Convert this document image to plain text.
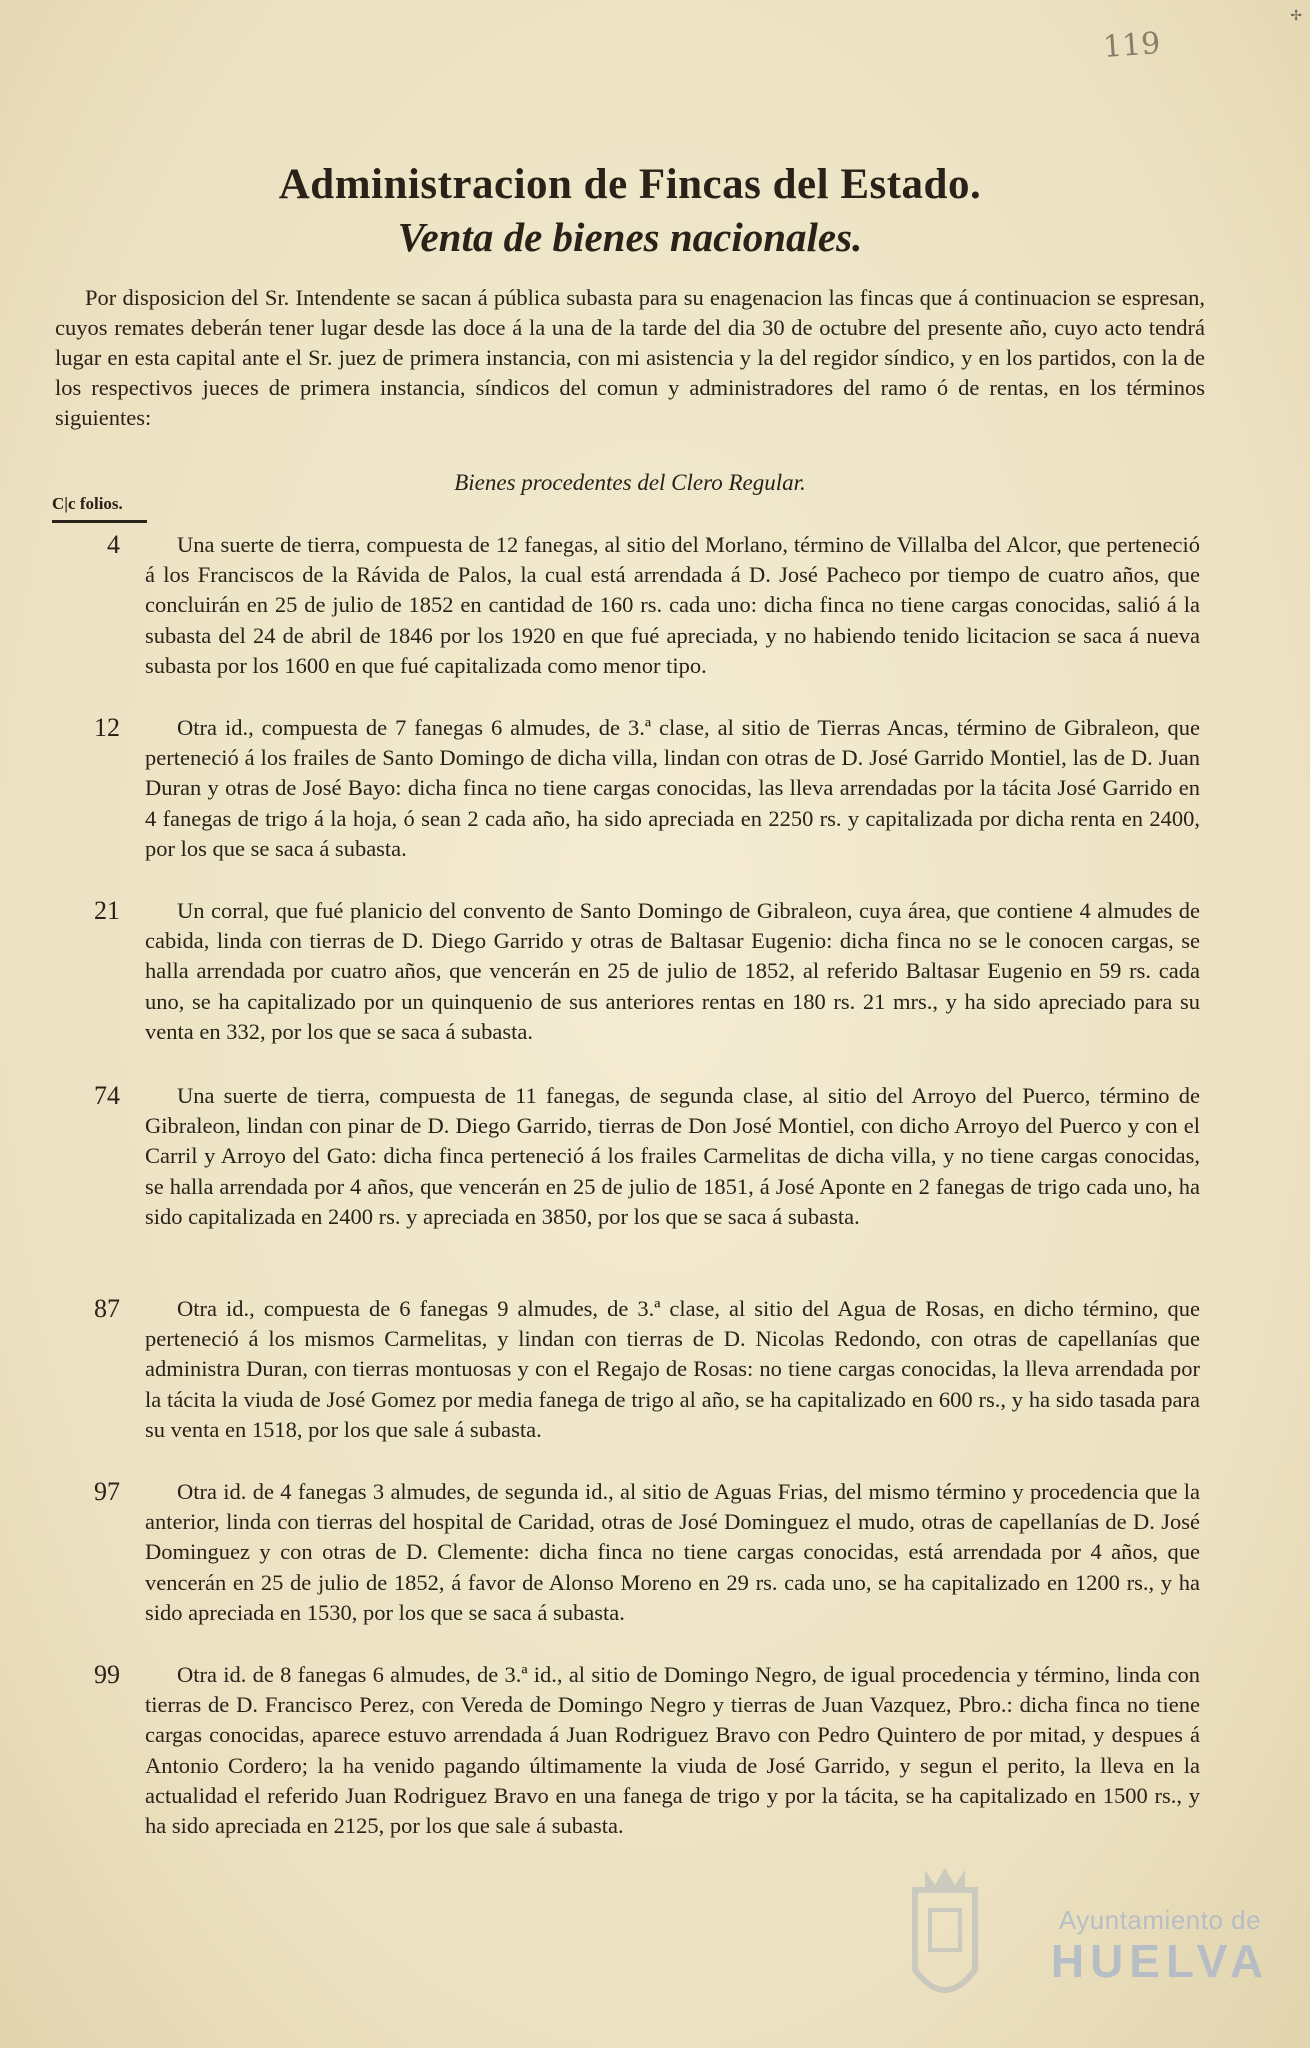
✢
119
Administracion de Fincas del Estado.
Venta de bienes nacionales.
Por disposicion del Sr. Intendente se sacan á pública subasta para su enagenacion las fincas que á continuacion se espresan, cuyos remates deberán tener lugar desde las doce á la una de la tarde del dia 30 de octubre del presente año, cuyo acto tendrá lugar en esta capital ante el Sr. juez de primera instancia, con mi asistencia y la del regidor síndico, y en los partidos, con la de los respectivos jueces de primera instancia, síndicos del comun y administradores del ramo ó de rentas, en los términos siguientes:
Bienes procedentes del Clero Regular.
C|c folios.
4	Una suerte de tierra, compuesta de 12 fanegas, al sitio del Morlano, término de Villalba del Alcor, que perteneció á los Franciscos de la Rávida de Palos, la cual está arrendada á D. José Pacheco por tiempo de cuatro años, que concluirán en 25 de julio de 1852 en cantidad de 160 rs. cada uno: dicha finca no tiene cargas conocidas, salió á la subasta del 24 de abril de 1846 por los 1920 en que fué apreciada, y no habiendo tenido licitacion se saca á nueva subasta por los 1600 en que fué capitalizada como menor tipo.
12	Otra id., compuesta de 7 fanegas 6 almudes, de 3.ª clase, al sitio de Tierras Ancas, término de Gibraleon, que perteneció á los frailes de Santo Domingo de dicha villa, lindan con otras de D. José Garrido Montiel, las de D. Juan Duran y otras de José Bayo: dicha finca no tiene cargas conocidas, las lleva arrendadas por la tácita José Garrido en 4 fanegas de trigo á la hoja, ó sean 2 cada año, ha sido apreciada en 2250 rs. y capitalizada por dicha renta en 2400, por los que se saca á subasta.
21	Un corral, que fué planicio del convento de Santo Domingo de Gibraleon, cuya área, que contiene 4 almudes de cabida, linda con tierras de D. Diego Garrido y otras de Baltasar Eugenio: dicha finca no se le conocen cargas, se halla arrendada por cuatro años, que vencerán en 25 de julio de 1852, al referido Baltasar Eugenio en 59 rs. cada uno, se ha capitalizado por un quinquenio de sus anteriores rentas en 180 rs. 21 mrs., y ha sido apreciado para su venta en 332, por los que se saca á subasta.
74	Una suerte de tierra, compuesta de 11 fanegas, de segunda clase, al sitio del Arroyo del Puerco, término de Gibraleon, lindan con pinar de D. Diego Garrido, tierras de Don José Montiel, con dicho Arroyo del Puerco y con el Carril y Arroyo del Gato: dicha finca perteneció á los frailes Carmelitas de dicha villa, y no tiene cargas conocidas, se halla arrendada por 4 años, que vencerán en 25 de julio de 1851, á José Aponte en 2 fanegas de trigo cada uno, ha sido capitalizada en 2400 rs. y apreciada en 3850, por los que se saca á subasta.
87	Otra id., compuesta de 6 fanegas 9 almudes, de 3.ª clase, al sitio del Agua de Rosas, en dicho término, que perteneció á los mismos Carmelitas, y lindan con tierras de D. Nicolas Redondo, con otras de capellanías que administra Duran, con tierras montuosas y con el Regajo de Rosas: no tiene cargas conocidas, la lleva arrendada por la tácita la viuda de José Gomez por media fanega de trigo al año, se ha capitalizado en 600 rs., y ha sido tasada para su venta en 1518, por los que sale á subasta.
97	Otra id. de 4 fanegas 3 almudes, de segunda id., al sitio de Aguas Frias, del mismo término y procedencia que la anterior, linda con tierras del hospital de Caridad, otras de José Dominguez el mudo, otras de capellanías de D. José Dominguez y con otras de D. Clemente: dicha finca no tiene cargas conocidas, está arrendada por 4 años, que vencerán en 25 de julio de 1852, á favor de Alonso Moreno en 29 rs. cada uno, se ha capitalizado en 1200 rs., y ha sido apreciada en 1530, por los que se saca á subasta.
99	Otra id. de 8 fanegas 6 almudes, de 3.ª id., al sitio de Domingo Negro, de igual procedencia y término, linda con tierras de D. Francisco Perez, con Vereda de Domingo Negro y tierras de Juan Vazquez, Pbro.: dicha finca no tiene cargas conocidas, aparece estuvo arrendada á Juan Rodriguez Bravo con Pedro Quintero de por mitad, y despues á Antonio Cordero; la ha venido pagando últimamente la viuda de José Garrido, y segun el perito, la lleva en la actualidad el referido Juan Rodriguez Bravo en una fanega de trigo y por la tácita, se ha capitalizado en 1500 rs., y ha sido apreciada en 2125, por los que sale á subasta.
Ayuntamiento de
HUELVA
